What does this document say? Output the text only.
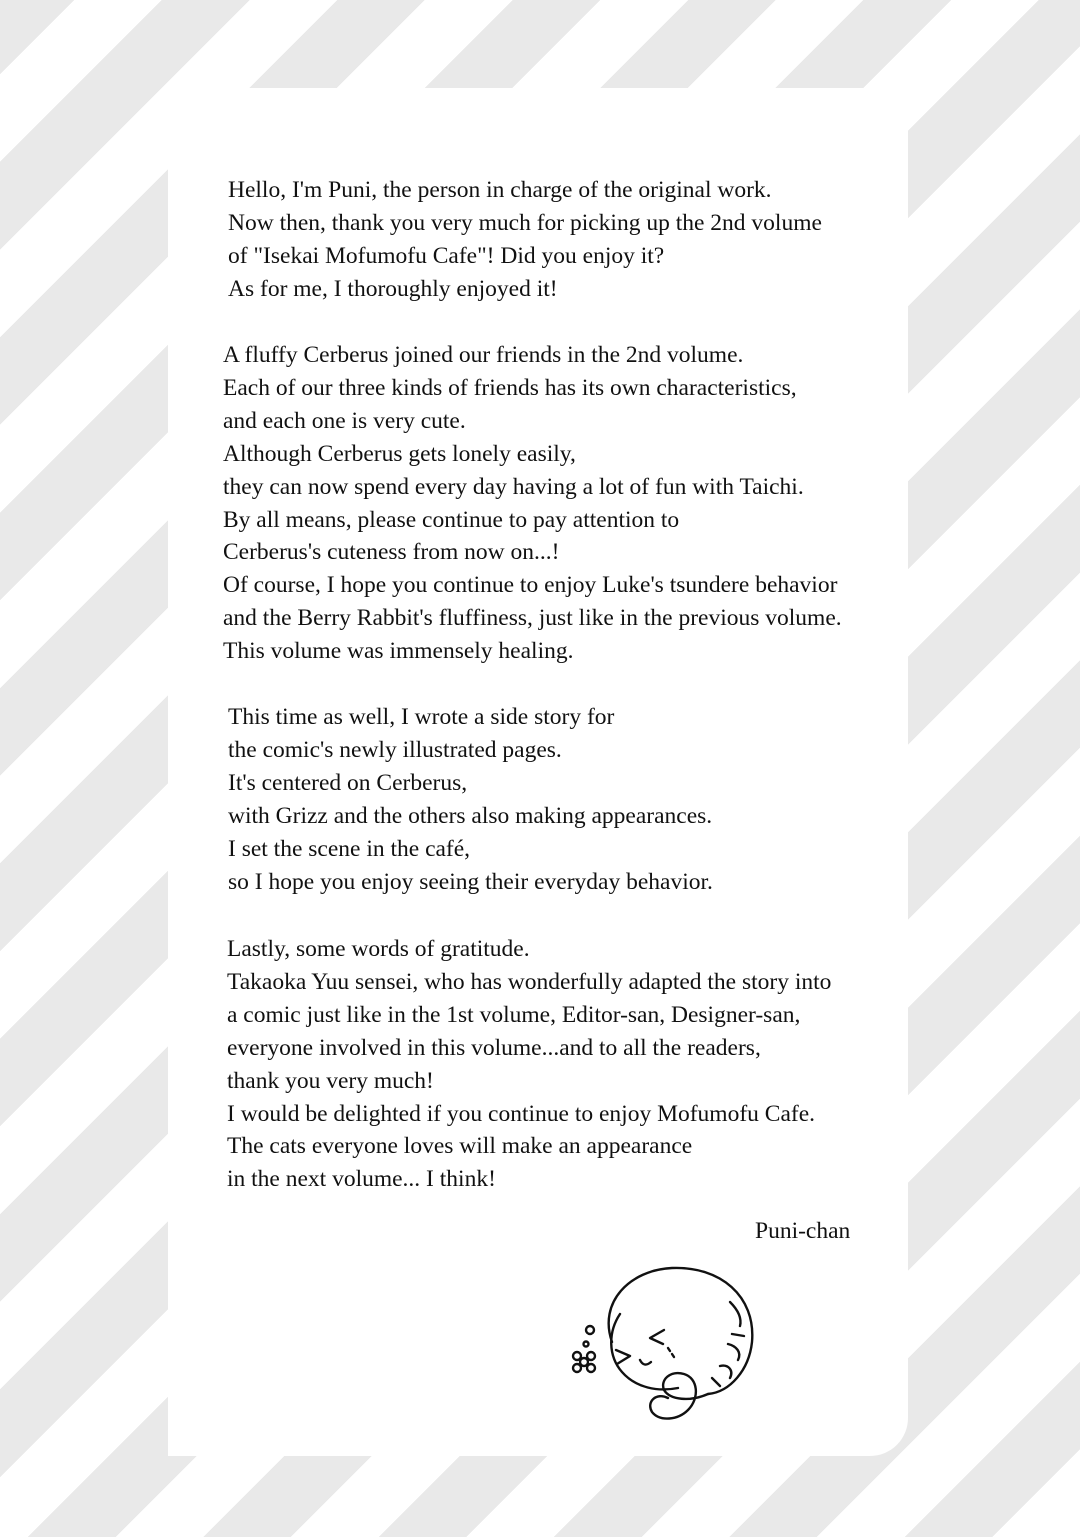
Hello, I'm Puni, the person in charge of the original work.
Now then, thank you very much for picking up the 2nd volume
of "Isekai Mofumofu Cafe"! Did you enjoy it?
As for me, I thoroughly enjoyed it!
A fluffy Cerberus joined our friends in the 2nd volume.
Each of our three kinds of friends has its own characteristics,
and each one is very cute.
Although Cerberus gets lonely easily,
they can now spend every day having a lot of fun with Taichi.
By all means, please continue to pay attention to
Cerberus's cuteness from now on...!
Of course, I hope you continue to enjoy Luke's tsundere behavior
and the Berry Rabbit's fluffiness, just like in the previous volume.
This volume was immensely healing.
This time as well, I wrote a side story for
the comic's newly illustrated pages.
It's centered on Cerberus,
with Grizz and the others also making appearances.
I set the scene in the café,
so I hope you enjoy seeing their everyday behavior.
Lastly, some words of gratitude.
Takaoka Yuu sensei, who has wonderfully adapted the story into
a comic just like in the 1st volume, Editor-san, Designer-san,
everyone involved in this volume...and to all the readers,
thank you very much!
I would be delighted if you continue to enjoy Mofumofu Cafe.
The cats everyone loves will make an appearance
in the next volume... I think!
Puni-chan
